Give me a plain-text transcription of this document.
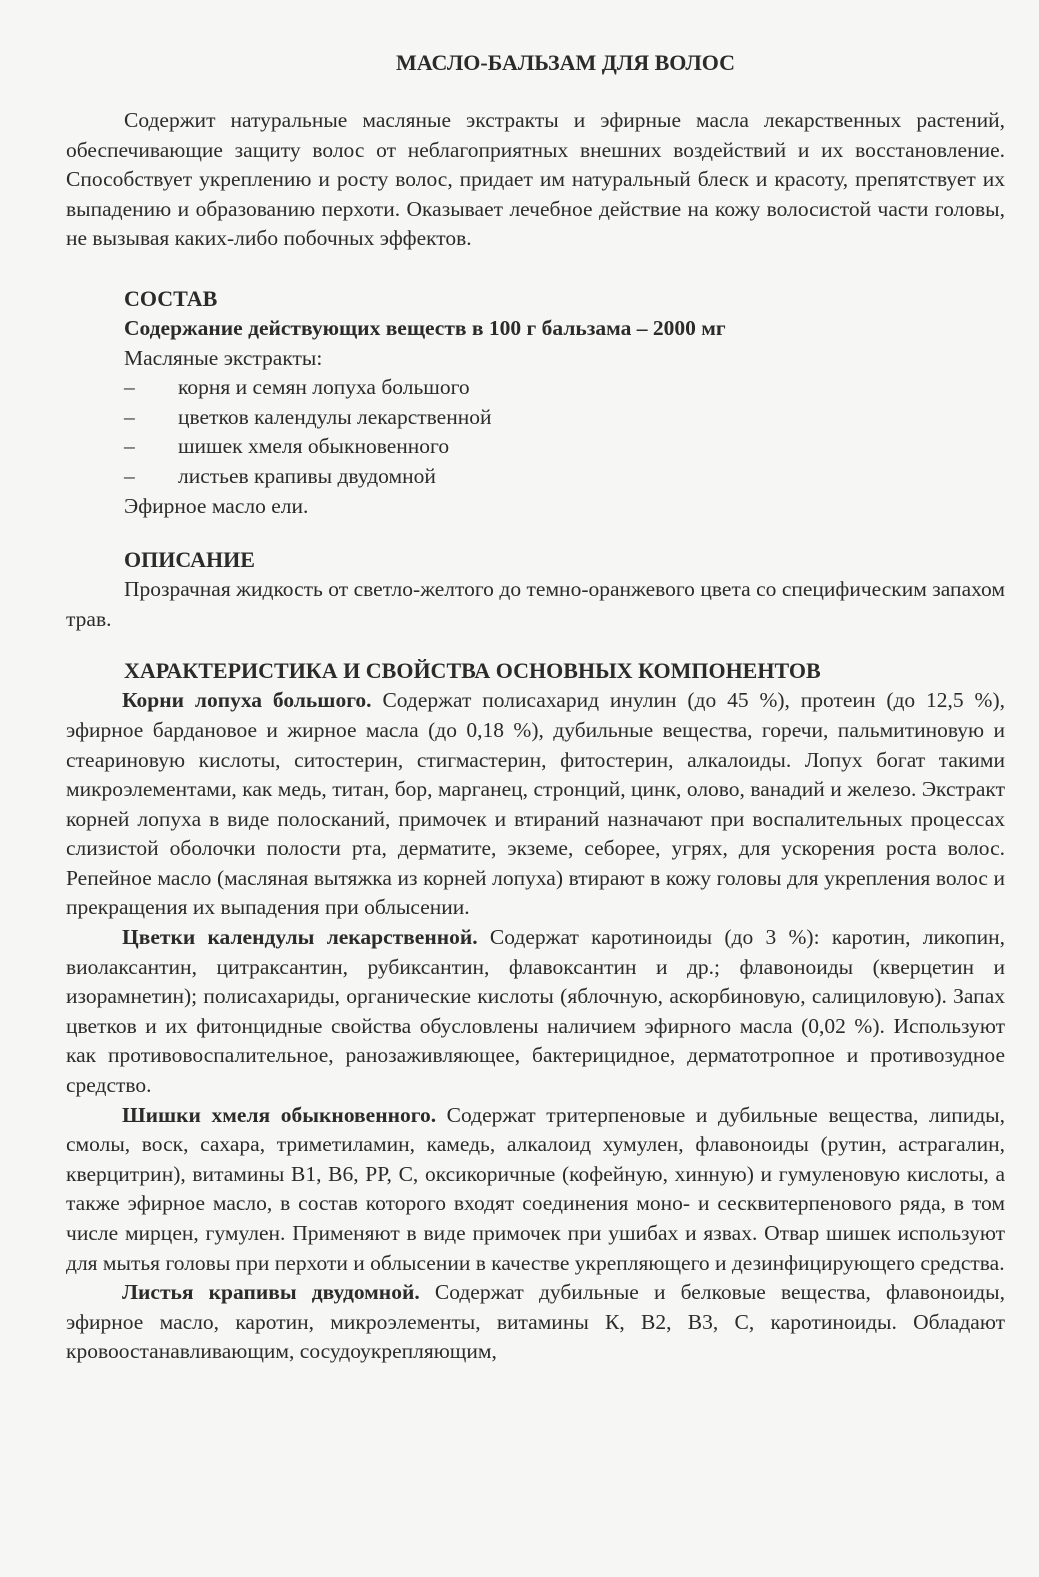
МАСЛО-БАЛЬЗАМ ДЛЯ ВОЛОС

Содержит натуральные масляные экстракты и эфирные масла лекарственных растений, обеспечивающие защиту волос от неблагоприятных внешних воздействий и их восстановление. Способствует укреплению и росту волос, придает им натуральный блеск и красоту, препятствует их выпадению и образованию перхоти. Оказывает лечебное действие на кожу волосистой части головы, не вызывая каких-либо побочных эффектов.

СОСТАВ
Содержание действующих веществ в 100 г бальзама – 2000 мг
Масляные экстракты:
– корня и семян лопуха большого
– цветков календулы лекарственной
– шишек хмеля обыкновенного
– листьев крапивы двудомной
Эфирное масло ели.
ОПИСАНИЕ

Прозрачная жидкость от светло-желтого до темно-оранжевого цвета со специфическим запахом трав.

ХАРАКТЕРИСТИКА И СВОЙСТВА ОСНОВНЫХ КОМПОНЕНТОВ

Корни лопуха большого. Содержат полисахарид инулин (до 45 %), протеин (до 12,5 %), эфирное бардановое и жирное масла (до 0,18 %), дубильные вещества, горечи, пальмитиновую и стеариновую кислоты, ситостерин, стигмастерин, фитостерин, алкалоиды. Лопух богат такими микроэлементами, как медь, титан, бор, марганец, стронций, цинк, олово, ванадий и железо. Экстракт корней лопуха в виде полосканий, примочек и втираний назначают при воспалительных процессах слизистой оболочки полости рта, дерматите, экземе, себорее, угрях, для ускорения роста волос. Репейное масло (масляная вытяжка из корней лопуха) втирают в кожу головы для укрепления волос и прекращения их выпадения при облысении.

Цветки календулы лекарственной. Содержат каротиноиды (до 3 %): каротин, ликопин, виолаксантин, цитраксантин, рубиксантин, флавоксантин и др.; флавоноиды (кверцетин и изорамнетин); полисахариды, органические кислоты (яблочную, аскорбиновую, салициловую). Запах цветков и их фитонцидные свойства обусловлены наличием эфирного масла (0,02 %). Используют как противовоспалительное, ранозаживляющее, бактерицидное, дерматотропное и противозудное средство.

Шишки хмеля обыкновенного. Содержат тритерпеновые и дубильные вещества, липиды, смолы, воск, сахара, триметиламин, камедь, алкалоид хумулен, флавоноиды (рутин, астрагалин, кверцитрин), витамины В1, В6, РР, С, оксикоричные (кофейную, хинную) и гумуленовую кислоты, а также эфирное масло, в состав которого входят соединения моно- и сесквитерпенового ряда, в том числе мирцен, гумулен. Применяют в виде примочек при ушибах и язвах. Отвар шишек используют для мытья головы при перхоти и облысении в качестве укрепляющего и дезинфицирующего средства.

Листья крапивы двудомной. Содержат дубильные и белковые вещества, флавоноиды, эфирное масло, каротин, микроэлементы, витамины К, В2, В3, С, каротиноиды. Обладают кровоостанавливающим, сосудоукрепляющим,
